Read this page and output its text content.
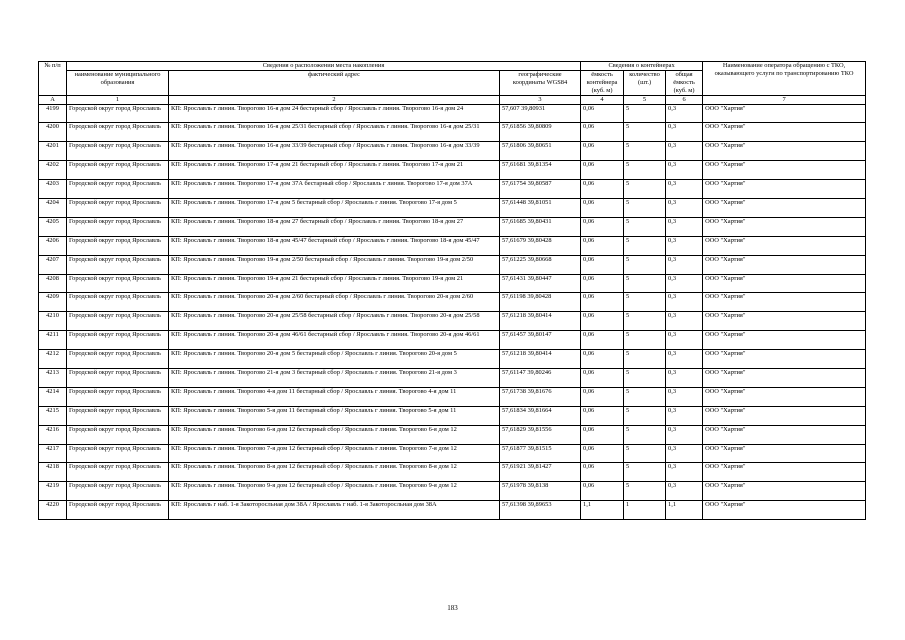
№ п/п	Сведения о расположении места накопления			Сведения о контейнерах			Наименование оператора обращению с ТКО, оказывающего услуги по транспортированию ТКО
	наименование муниципального образования	фактический адрес	географические координаты WGS84	ёмкость контейнера (куб. м)	количество (шт.)	общая ёмкость (куб. м)	
А	1	2	3	4	5	6	7
4199	Городской округ город Ярославль	КП: Ярославль г линия. Творогово 16-я дом 24 бестарный сбор / Ярославль г линия. Творогово 16-я дом 24	57,607 39,80931	0,06	5	0,3	ООО "Хартия"
4200	Городской округ город Ярославль	КП: Ярославль г линия. Творогово 16-я дом 25/31 бестарный сбор / Ярославль г линия. Творогово 16-я дом 25/31	57,61856 39,80809	0,06	5	0,3	ООО "Хартия"
4201	Городской округ город Ярославль	КП: Ярославль г линия. Творогово 16-я дом 33/39 бестарный сбор / Ярославль г линия. Творогово 16-я дом 33/39	57,61806 39,80651	0,06	5	0,3	ООО "Хартия"
4202	Городской округ город Ярославль	КП: Ярославль г линия. Творогово 17-я дом 21 бестарный сбор / Ярославль г линия. Творогово 17-я дом 21	57,61681 39,81354	0,06	5	0,3	ООО "Хартия"
4203	Городской округ город Ярославль	КП: Ярославль г линия. Творогово 17-я дом 37А бестарный сбор / Ярославль г линия. Творогово 17-я дом 37А	57,61754 39,80587	0,06	5	0,3	ООО "Хартия"
4204	Городской округ город Ярославль	КП: Ярославль г линия. Творогово 17-я дом 5 бестарный сбор / Ярославль г линия. Творогово 17-я дом 5	57,61448 39,81051	0,06	5	0,3	ООО "Хартия"
4205	Городской округ город Ярославль	КП: Ярославль г линия. Творогово 18-я дом 27 бестарный сбор / Ярославль г линия. Творогово 18-я дом 27	57,61685 39,80431	0,06	5	0,3	ООО "Хартия"
4206	Городской округ город Ярославль	КП: Ярославль г линия. Творогово 18-я дом 45/47 бестарный сбор / Ярославль г линия. Творогово 18-я дом 45/47	57,61679 39,80428	0,06	5	0,3	ООО "Хартия"
4207	Городской округ город Ярославль	КП: Ярославль г линия. Творогово 19-я дом 2/50 бестарный сбор / Ярославль г линия. Творогово 19-я дом 2/50	57,61225 39,80668	0,06	5	0,3	ООО "Хартия"
4208	Городской округ город Ярославль	КП: Ярославль г линия. Творогово 19-я дом 21 бестарный сбор / Ярославль г линия. Творогово 19-я дом 21	57,61431 39,80447	0,06	5	0,3	ООО "Хартия"
4209	Городской округ город Ярославль	КП: Ярославль г линия. Творогово 20-я дом 2/60 бестарный сбор / Ярославль г линия. Творогово 20-я дом 2/60	57,61198 39,80428	0,06	5	0,3	ООО "Хартия"
4210	Городской округ город Ярославль	КП: Ярославль г линия. Творогово 20-я дом 25/58 бестарный сбор / Ярославль г линия. Творогово 20-я дом 25/58	57,61218 39,80414	0,06	5	0,3	ООО "Хартия"
4211	Городской округ город Ярославль	КП: Ярославль г линия. Творогово 20-я дом 46/61 бестарный сбор / Ярославль г линия. Творогово 20-я дом 46/61	57,61457 39,80147	0,06	5	0,3	ООО "Хартия"
4212	Городской округ город Ярославль	КП: Ярославль г линия. Творогово 20-я дом 5 бестарный сбор / Ярославль г линия. Творогово 20-я дом 5	57,61218 39,80414	0,06	5	0,3	ООО "Хартия"
4213	Городской округ город Ярославль	КП: Ярославль г линия. Творогово 21-я дом 3 бестарный сбор / Ярославль г линия. Творогово 21-я дом 3	57,61147 39,80246	0,06	5	0,3	ООО "Хартия"
4214	Городской округ город Ярославль	КП: Ярославль г линия. Творогово 4-я дом 11 бестарный сбор / Ярославль г линия. Творогово 4-я дом 11	57,61738 39,81676	0,06	5	0,3	ООО "Хартия"
4215	Городской округ город Ярославль	КП: Ярославль г линия. Творогово 5-я дом 11 бестарный сбор / Ярославль г линия. Творогово 5-я дом 11	57,61834 39,81664	0,06	5	0,3	ООО "Хартия"
4216	Городской округ город Ярославль	КП: Ярославль г линия. Творогово 6-я дом 12 бестарный сбор / Ярославль г линия. Творогово 6-я дом 12	57,61829 39,81556	0,06	5	0,3	ООО "Хартия"
4217	Городской округ город Ярославль	КП: Ярославль г линия. Творогово 7-я дом 12 бестарный сбор / Ярославль г линия. Творогово 7-я дом 12	57,61877 39,81515	0,06	5	0,3	ООО "Хартия"
4218	Городской округ город Ярославль	КП: Ярославль г линия. Творогово 8-я дом 12 бестарный сбор / Ярославль г линия. Творогово 8-я дом 12	57,61921 39,81427	0,06	5	0,3	ООО "Хартия"
4219	Городской округ город Ярославль	КП: Ярославль г линия. Творогово 9-я дом 12 бестарный сбор / Ярославль г линия. Творогово 9-я дом 12	57,61978 39,8138	0,06	5	0,3	ООО "Хартия"
4220	Городской округ город Ярославль	КП: Ярославль г наб. 1-я Закоторосльная дом 38А / Ярославль г наб. 1-я Закоторосльная дом 38А	57,61398 39,89653	1,1	1	1,1	ООО "Хартия"
183
